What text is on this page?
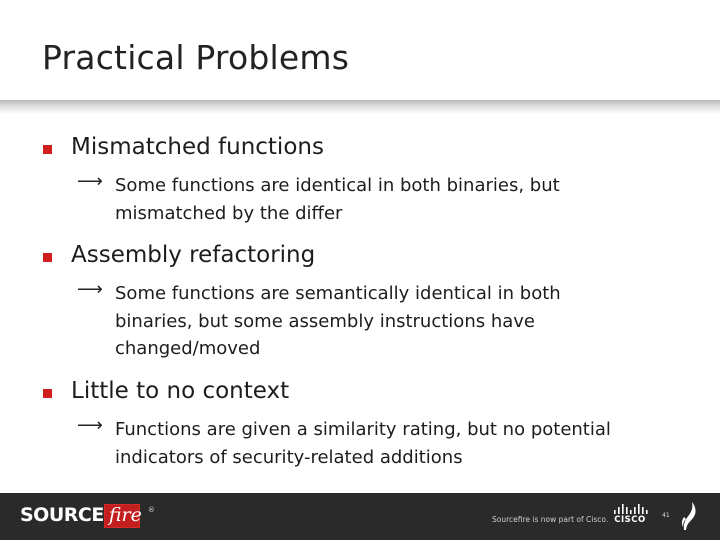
Practical Problems
Mismatched functions
⟶ Some functions are identical in both binaries, but
mismatched by the differ
Assembly refactoring
⟶ Some functions are semantically identical in both
binaries, but some assembly instructions have
changed/moved
Little to no context
⟶ Functions are given a similarity rating, but no potential
indicators of security-related additions
SOURCE fire ®
Sourcefire is now part of Cisco. CISCO	41
